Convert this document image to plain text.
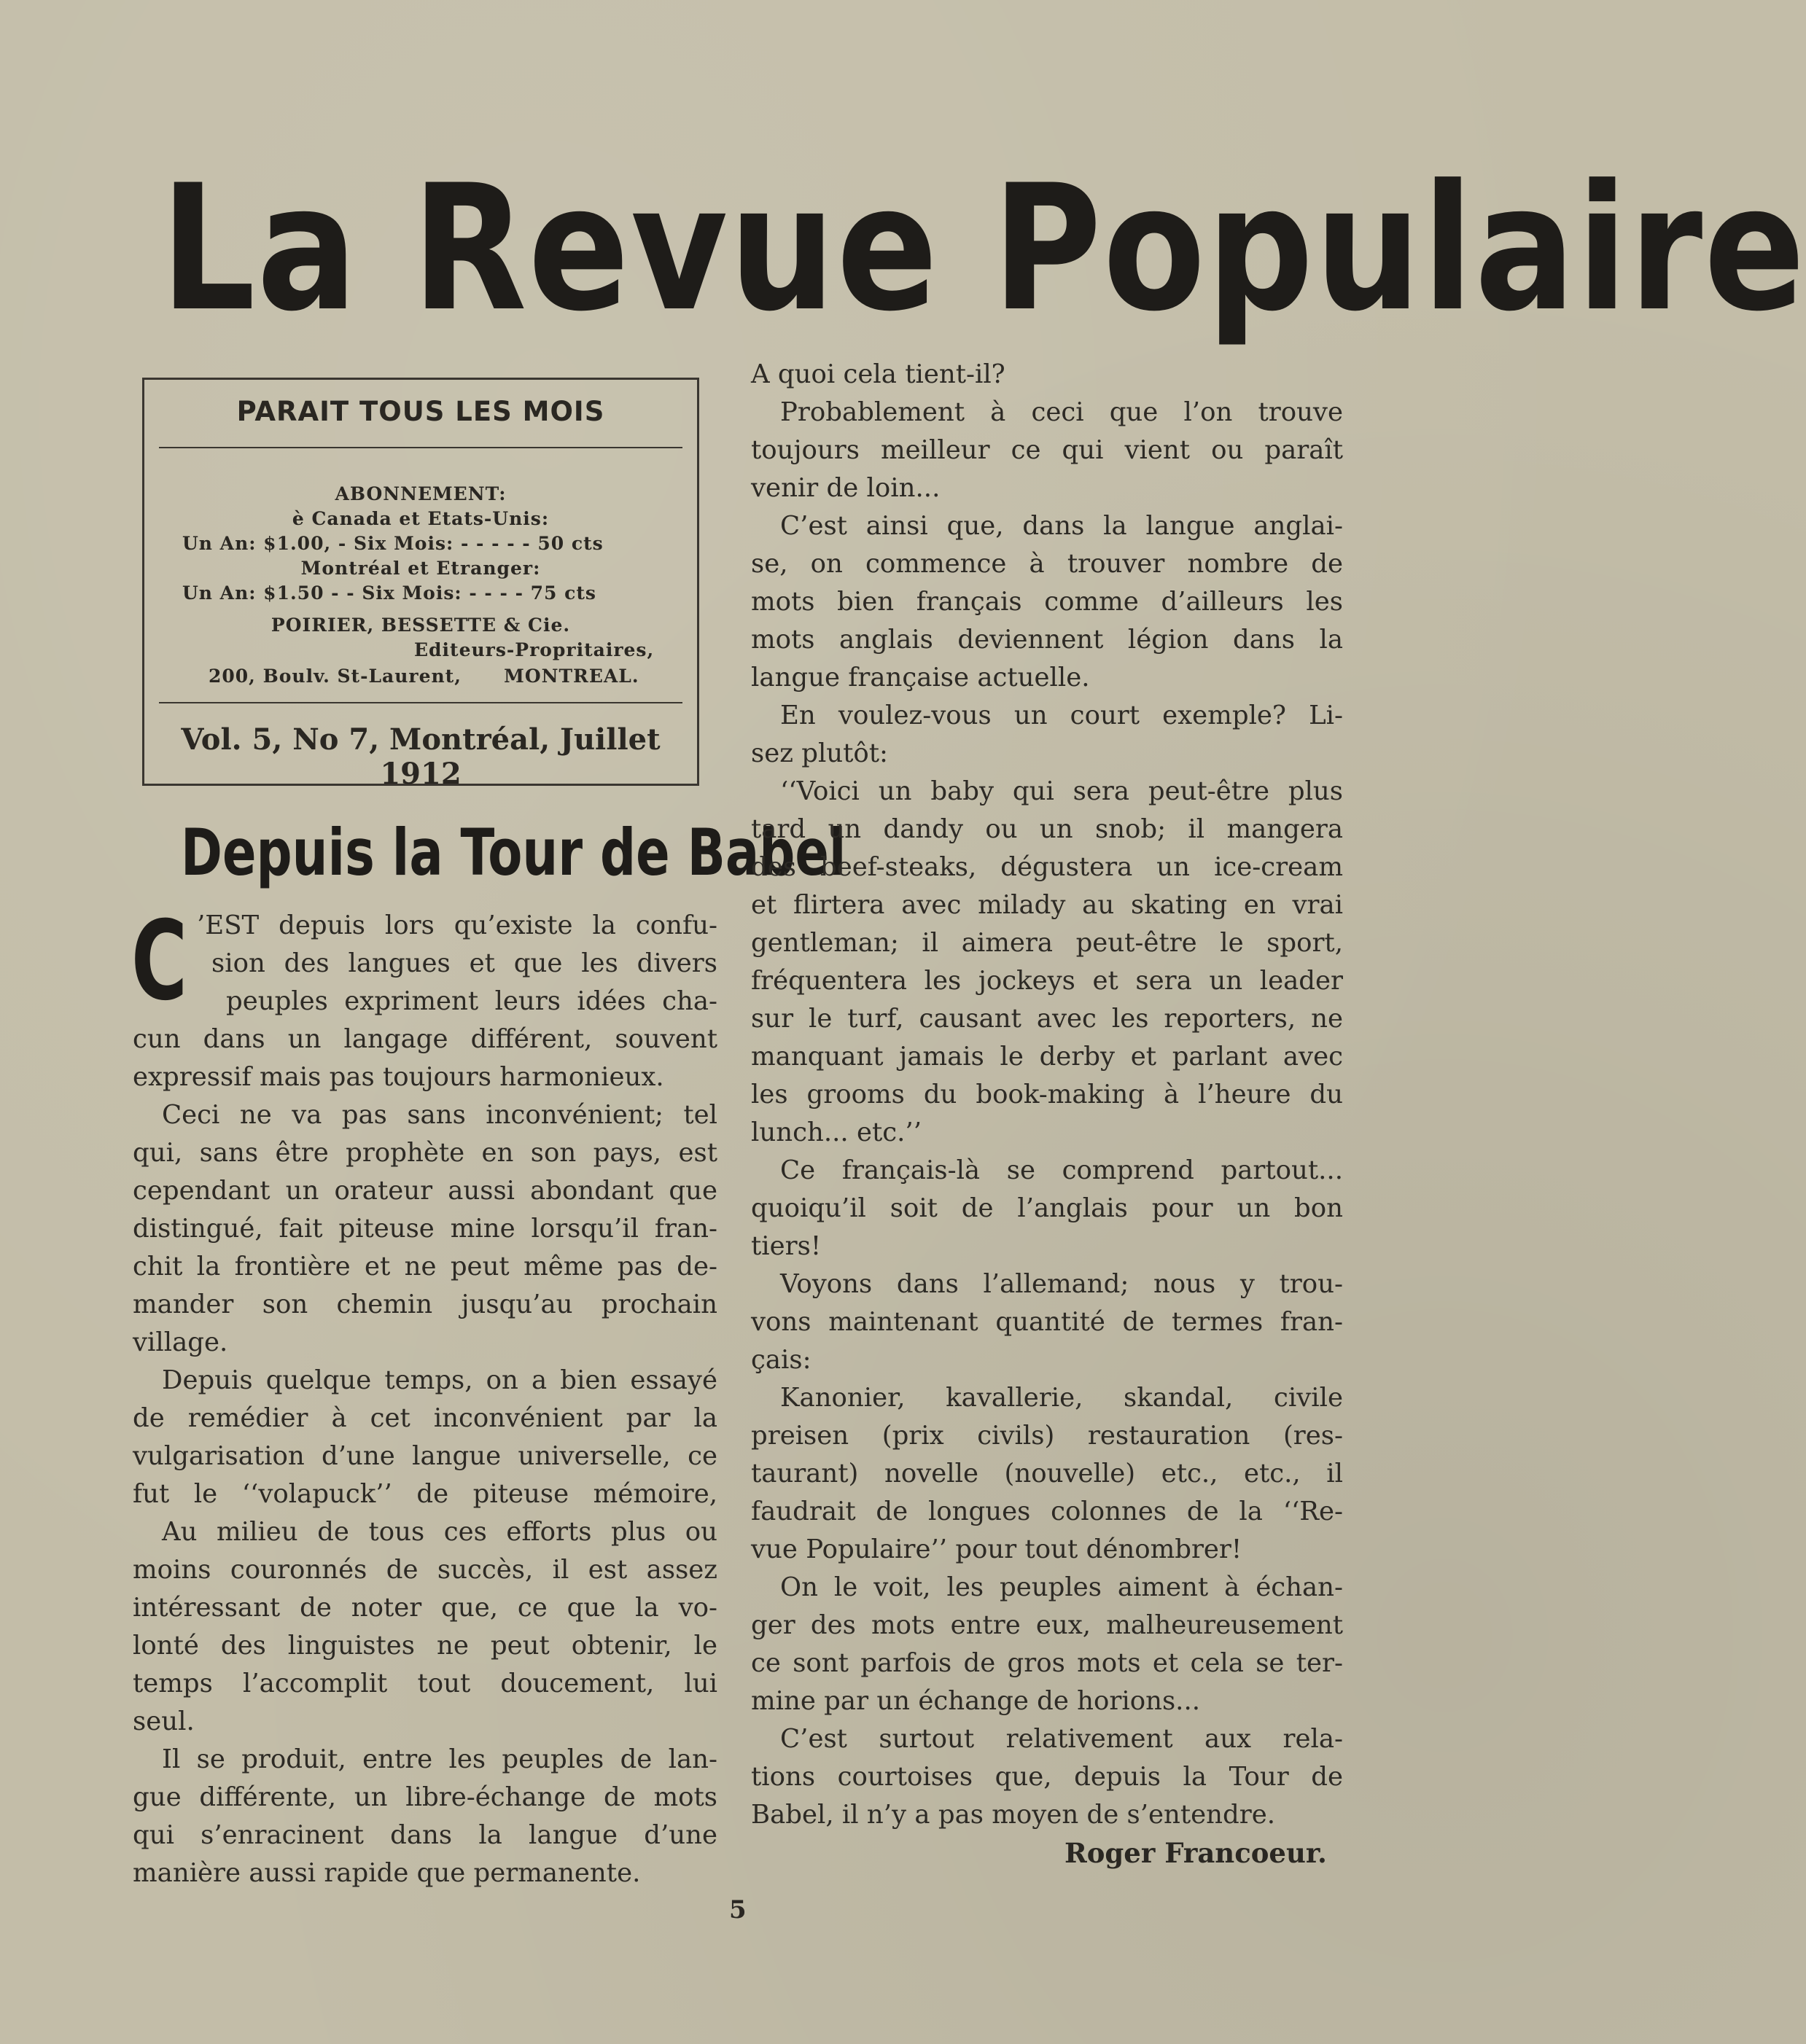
La Revue Populaire
PARAIT TOUS LES MOIS
ABONNEMENT:
è Canada et Etats-Unis:
Un An: $1.00, - Six Mois: - - - - - 50 cts
Montréal et Etranger:
Un An: $1.50 - - Six Mois: - - - - 75 cts
POIRIER, BESSETTE & Cie.
Editeurs-Propritaires,
200, Boulv. St-Laurent,      MONTREAL.
Vol. 5, No 7, Montréal, Juillet 1912
Depuis la Tour de Babel
C ’EST depuis lors qu’existe la confu-
sion des langues et que les divers
peuples expriment leurs idées cha-
cun dans un langage différent, souvent
expressif mais pas toujours harmonieux.
Ceci ne va pas sans inconvénient; tel
qui, sans être prophète en son pays, est
cependant un orateur aussi abondant que
distingué, fait piteuse mine lorsqu’il fran-
chit la frontière et ne peut même pas de-
mander son chemin jusqu’au prochain
village.
Depuis quelque temps, on a bien essayé
de remédier à cet inconvénient par la
vulgarisation d’une langue universelle, ce
fut le ‘‘volapuck’’ de piteuse mémoire,
Au milieu de tous ces efforts plus ou
moins couronnés de succès, il est assez
intéressant de noter que, ce que la vo-
lonté des linguistes ne peut obtenir, le
temps l’accomplit tout doucement, lui
seul.
Il se produit, entre les peuples de lan-
gue différente, un libre-échange de mots
qui s’enracinent dans la langue d’une
manière aussi rapide que permanente.
A quoi cela tient-il?
Probablement à ceci que l’on trouve
toujours meilleur ce qui vient ou paraît
venir de loin...
C’est ainsi que, dans la langue anglai-
se, on commence à trouver nombre de
mots bien français comme d’ailleurs les
mots anglais deviennent légion dans la
langue française actuelle.
En voulez-vous un court exemple? Li-
sez plutôt:
‘‘Voici un baby qui sera peut-être plus
tard un dandy ou un snob; il mangera
des beef-steaks, dégustera un ice-cream
et flirtera avec milady au skating en vrai
gentleman; il aimera peut-être le sport,
fréquentera les jockeys et sera un leader
sur le turf, causant avec les reporters, ne
manquant jamais le derby et parlant avec
les grooms du book-making à l’heure du
lunch... etc.’’
Ce français-là se comprend partout...
quoiqu’il soit de l’anglais pour un bon
tiers!
Voyons dans l’allemand; nous y trou-
vons maintenant quantité de termes fran-
çais:
Kanonier, kavallerie, skandal, civile
preisen (prix civils) restauration (res-
taurant) novelle (nouvelle) etc., etc., il
faudrait de longues colonnes de la ‘‘Re-
vue Populaire’’ pour tout dénombrer!
On le voit, les peuples aiment à échan-
ger des mots entre eux, malheureusement
ce sont parfois de gros mots et cela se ter-
mine par un échange de horions...
C’est surtout relativement aux rela-
tions courtoises que, depuis la Tour de
Babel, il n’y a pas moyen de s’entendre.
Roger Francoeur.
5
